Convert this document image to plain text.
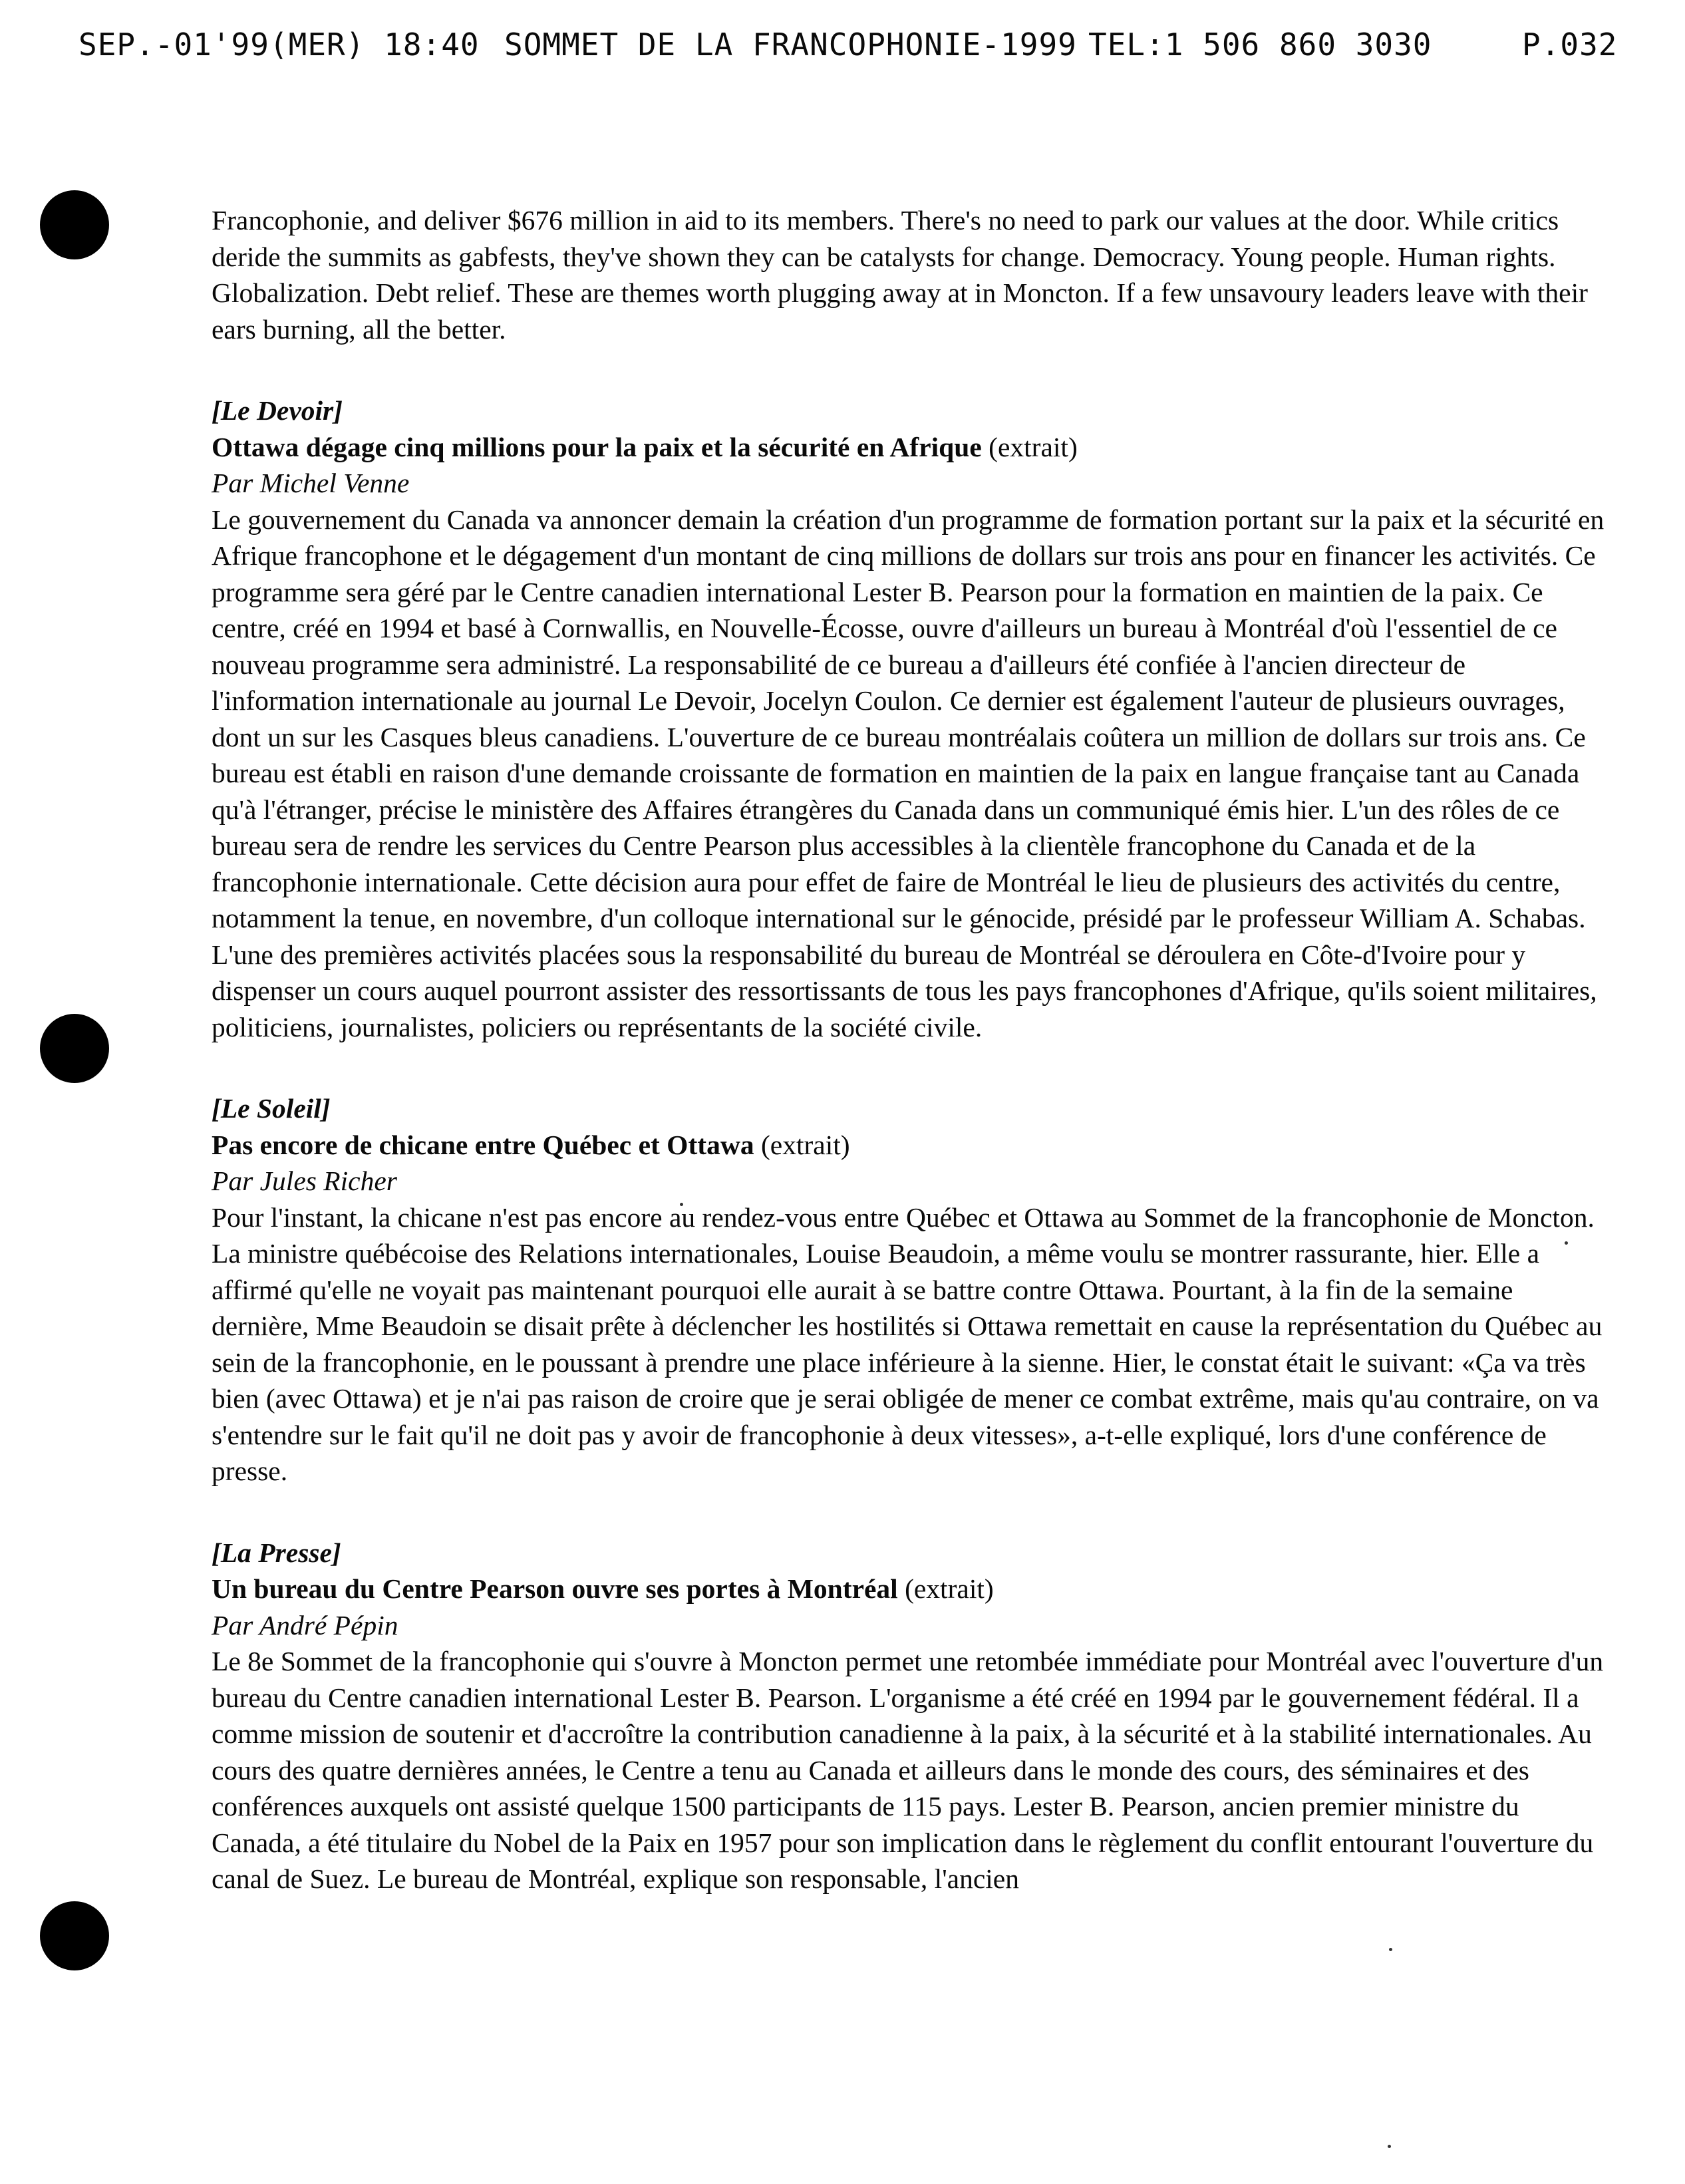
SEP.-01'99(MER) 18:40 SOMMET DE LA FRANCOPHONIE-1999 TEL:1 506 860 3030	P.032

Francophonie, and deliver $676 million in aid to its members. There's no need to park our values at the door. While critics deride the summits as gabfests, they've shown they can be catalysts for change. Democracy. Young people. Human rights. Globalization. Debt relief. These are themes worth plugging away at in Moncton. If a few unsavoury leaders leave with their ears burning, all the better.

[Le Devoir]

Ottawa dégage cinq millions pour la paix et la sécurité en Afrique (extrait)

Par Michel Venne

Le gouvernement du Canada va annoncer demain la création d'un programme de formation portant sur la paix et la sécurité en Afrique francophone et le dégagement d'un montant de cinq millions de dollars sur trois ans pour en financer les activités. Ce programme sera géré par le Centre canadien international Lester B. Pearson pour la formation en maintien de la paix. Ce centre, créé en 1994 et basé à Cornwallis, en Nouvelle-Écosse, ouvre d'ailleurs un bureau à Montréal d'où l'essentiel de ce nouveau programme sera administré. La responsabilité de ce bureau a d'ailleurs été confiée à l'ancien directeur de l'information internationale au journal Le Devoir, Jocelyn Coulon. Ce dernier est également l'auteur de plusieurs ouvrages, dont un sur les Casques bleus canadiens. L'ouverture de ce bureau montréalais coûtera un million de dollars sur trois ans. Ce bureau est établi en raison d'une demande croissante de formation en maintien de la paix en langue française tant au Canada qu'à l'étranger, précise le ministère des Affaires étrangères du Canada dans un communiqué émis hier. L'un des rôles de ce bureau sera de rendre les services du Centre Pearson plus accessibles à la clientèle francophone du Canada et de la francophonie internationale. Cette décision aura pour effet de faire de Montréal le lieu de plusieurs des activités du centre, notamment la tenue, en novembre, d'un colloque international sur le génocide, présidé par le professeur William A. Schabas. L'une des premières activités placées sous la responsabilité du bureau de Montréal se déroulera en Côte-d'Ivoire pour y dispenser un cours auquel pourront assister des ressortissants de tous les pays francophones d'Afrique, qu'ils soient militaires, politiciens, journalistes, policiers ou représentants de la société civile.

[Le Soleil]

Pas encore de chicane entre Québec et Ottawa (extrait)

Par Jules Richer

Pour l'instant, la chicane n'est pas encore au rendez-vous entre Québec et Ottawa au Sommet de la francophonie de Moncton. La ministre québécoise des Relations internationales, Louise Beaudoin, a même voulu se montrer rassurante, hier. Elle a affirmé qu'elle ne voyait pas maintenant pourquoi elle aurait à se battre contre Ottawa. Pourtant, à la fin de la semaine dernière, Mme Beaudoin se disait prête à déclencher les hostilités si Ottawa remettait en cause la représentation du Québec au sein de la francophonie, en le poussant à prendre une place inférieure à la sienne. Hier, le constat était le suivant: «Ça va très bien (avec Ottawa) et je n'ai pas raison de croire que je serai obligée de mener ce combat extrême, mais qu'au contraire, on va s'entendre sur le fait qu'il ne doit pas y avoir de francophonie à deux vitesses», a-t-elle expliqué, lors d'une conférence de presse.

[La Presse]

Un bureau du Centre Pearson ouvre ses portes à Montréal (extrait)

Par André Pépin

Le 8e Sommet de la francophonie qui s'ouvre à Moncton permet une retombée immédiate pour Montréal avec l'ouverture d'un bureau du Centre canadien international Lester B. Pearson. L'organisme a été créé en 1994 par le gouvernement fédéral. Il a comme mission de soutenir et d'accroître la contribution canadienne à la paix, à la sécurité et à la stabilité internationales. Au cours des quatre dernières années, le Centre a tenu au Canada et ailleurs dans le monde des cours, des séminaires et des conférences auxquels ont assisté quelque 1500 participants de 115 pays. Lester B. Pearson, ancien premier ministre du Canada, a été titulaire du Nobel de la Paix en 1957 pour son implication dans le règlement du conflit entourant l'ouverture du canal de Suez. Le bureau de Montréal, explique son responsable, l'ancien
